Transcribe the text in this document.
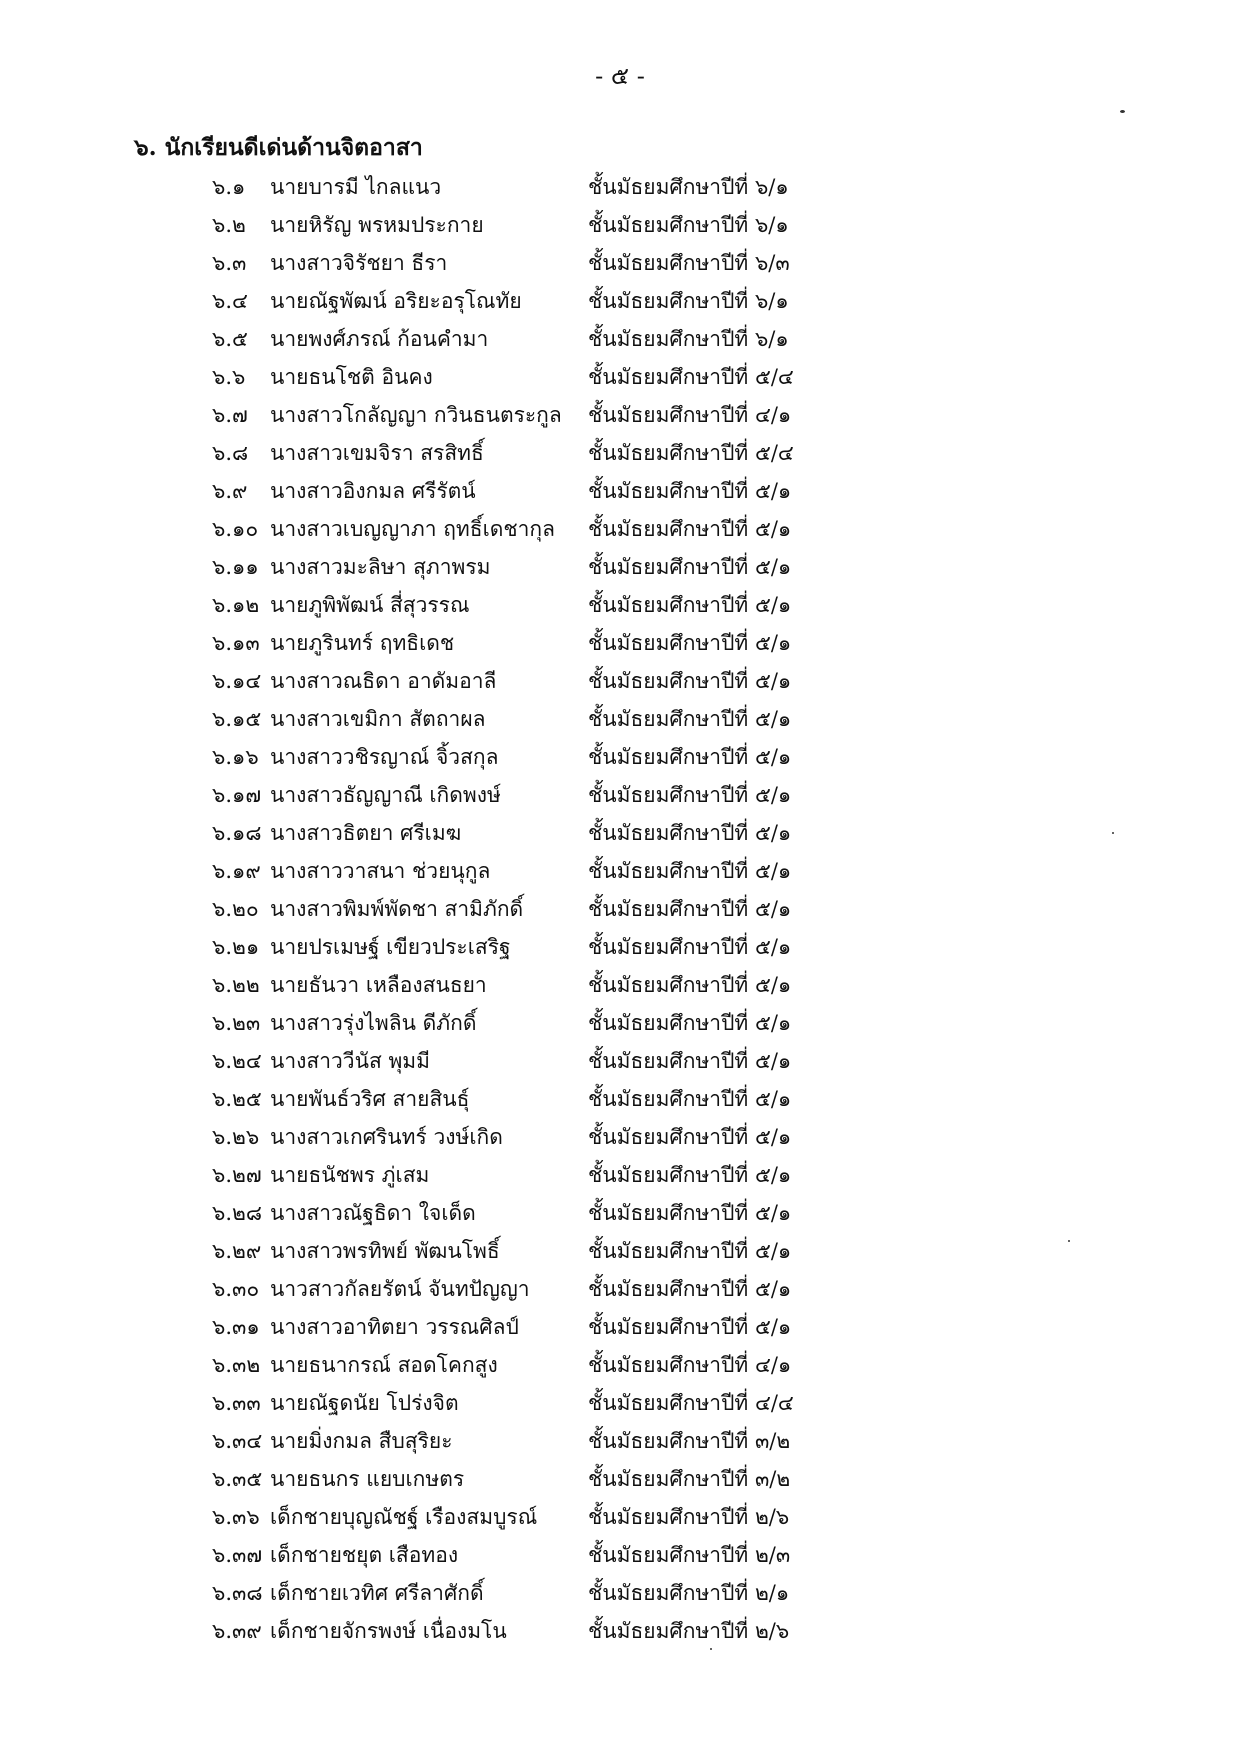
- ๕ -
๖. นักเรียนดีเด่นด้านจิตอาสา
๖.๑ นายบารมี ไกลแนว	ชั้นมัธยมศึกษาปีที่ ๖/๑
๖.๒ นายหิรัญ พรหมประกาย	ชั้นมัธยมศึกษาปีที่ ๖/๑
๖.๓ นางสาวจิรัชยา ธีรา	ชั้นมัธยมศึกษาปีที่ ๖/๓
๖.๔ นายณัฐพัฒน์ อริยะอรุโณทัย	ชั้นมัธยมศึกษาปีที่ ๖/๑
๖.๕ นายพงศ์ภรณ์ ก้อนคำมา	ชั้นมัธยมศึกษาปีที่ ๖/๑
๖.๖ นายธนโชติ อินคง	ชั้นมัธยมศึกษาปีที่ ๕/๔
๖.๗ นางสาวโกลัญญา กวินธนตระกูล ชั้นมัธยมศึกษาปีที่ ๔/๑
๖.๘ นางสาวเขมจิรา สรสิทธิ์	ชั้นมัธยมศึกษาปีที่ ๕/๔
๖.๙ นางสาวอิงกมล ศรีรัตน์	ชั้นมัธยมศึกษาปีที่ ๕/๑
๖.๑๐ นางสาวเบญญาภา ฤทธิ์เดชากุล ชั้นมัธยมศึกษาปีที่ ๕/๑
๖.๑๑ นางสาวมะลิษา สุภาพรม	ชั้นมัธยมศึกษาปีที่ ๕/๑
๖.๑๒ นายภูพิพัฒน์ สี่สุวรรณ	ชั้นมัธยมศึกษาปีที่ ๕/๑
๖.๑๓ นายภูรินทร์ ฤทธิเดช	ชั้นมัธยมศึกษาปีที่ ๕/๑
๖.๑๔ นางสาวณธิดา อาดัมอาลี	ชั้นมัธยมศึกษาปีที่ ๕/๑
๖.๑๕ นางสาวเขมิกา สัตถาผล	ชั้นมัธยมศึกษาปีที่ ๕/๑
๖.๑๖ นางสาววชิรญาณ์ จิ้วสกุล	ชั้นมัธยมศึกษาปีที่ ๕/๑
๖.๑๗ นางสาวธัญญาณี เกิดพงษ์	ชั้นมัธยมศึกษาปีที่ ๕/๑
๖.๑๘ นางสาวธิตยา ศรีเมฆ	ชั้นมัธยมศึกษาปีที่ ๕/๑
๖.๑๙ นางสาววาสนา ช่วยนุกูล	ชั้นมัธยมศึกษาปีที่ ๕/๑
๖.๒๐ นางสาวพิมพ์พัดชา สามิภักดิ์	ชั้นมัธยมศึกษาปีที่ ๕/๑
๖.๒๑ นายปรเมษฐ์ เขียวประเสริฐ	ชั้นมัธยมศึกษาปีที่ ๕/๑
๖.๒๒ นายธันวา เหลืองสนธยา	ชั้นมัธยมศึกษาปีที่ ๕/๑
๖.๒๓ นางสาวรุ่งไพลิน ดีภักดิ์	ชั้นมัธยมศึกษาปีที่ ๕/๑
๖.๒๔ นางสาววีนัส พุมมี	ชั้นมัธยมศึกษาปีที่ ๕/๑
๖.๒๕ นายพันธ์วริศ สายสินธุ์	ชั้นมัธยมศึกษาปีที่ ๕/๑
๖.๒๖ นางสาวเกศรินทร์ วงษ์เกิด	ชั้นมัธยมศึกษาปีที่ ๕/๑
๖.๒๗ นายธนัชพร ภู่เสม	ชั้นมัธยมศึกษาปีที่ ๕/๑
๖.๒๘ นางสาวณัฐธิดา ใจเด็ด	ชั้นมัธยมศึกษาปีที่ ๕/๑
๖.๒๙ นางสาวพรทิพย์ พัฒนโพธิ์	ชั้นมัธยมศึกษาปีที่ ๕/๑
๖.๓๐ นาวสาวกัลยรัตน์ จันทปัญญา	ชั้นมัธยมศึกษาปีที่ ๕/๑
๖.๓๑ นางสาวอาทิตยา วรรณศิลป์	ชั้นมัธยมศึกษาปีที่ ๕/๑
๖.๓๒ นายธนากรณ์ สอดโคกสูง	ชั้นมัธยมศึกษาปีที่ ๔/๑
๖.๓๓ นายณัฐดนัย โปร่งจิต	ชั้นมัธยมศึกษาปีที่ ๔/๔
๖.๓๔ นายมิ่งกมล สืบสุริยะ	ชั้นมัธยมศึกษาปีที่ ๓/๒
๖.๓๕ นายธนกร แยบเกษตร	ชั้นมัธยมศึกษาปีที่ ๓/๒
๖.๓๖ เด็กชายบุญณัชฐ์ เรืองสมบูรณ์ ชั้นมัธยมศึกษาปีที่ ๒/๖
๖.๓๗ เด็กชายชยุต เสือทอง	ชั้นมัธยมศึกษาปีที่ ๒/๓
๖.๓๘ เด็กชายเวทิศ ศรีลาศักดิ์	ชั้นมัธยมศึกษาปีที่ ๒/๑
๖.๓๙ เด็กชายจักรพงษ์ เนื่องมโน	ชั้นมัธยมศึกษาปีที่ ๒/๖
